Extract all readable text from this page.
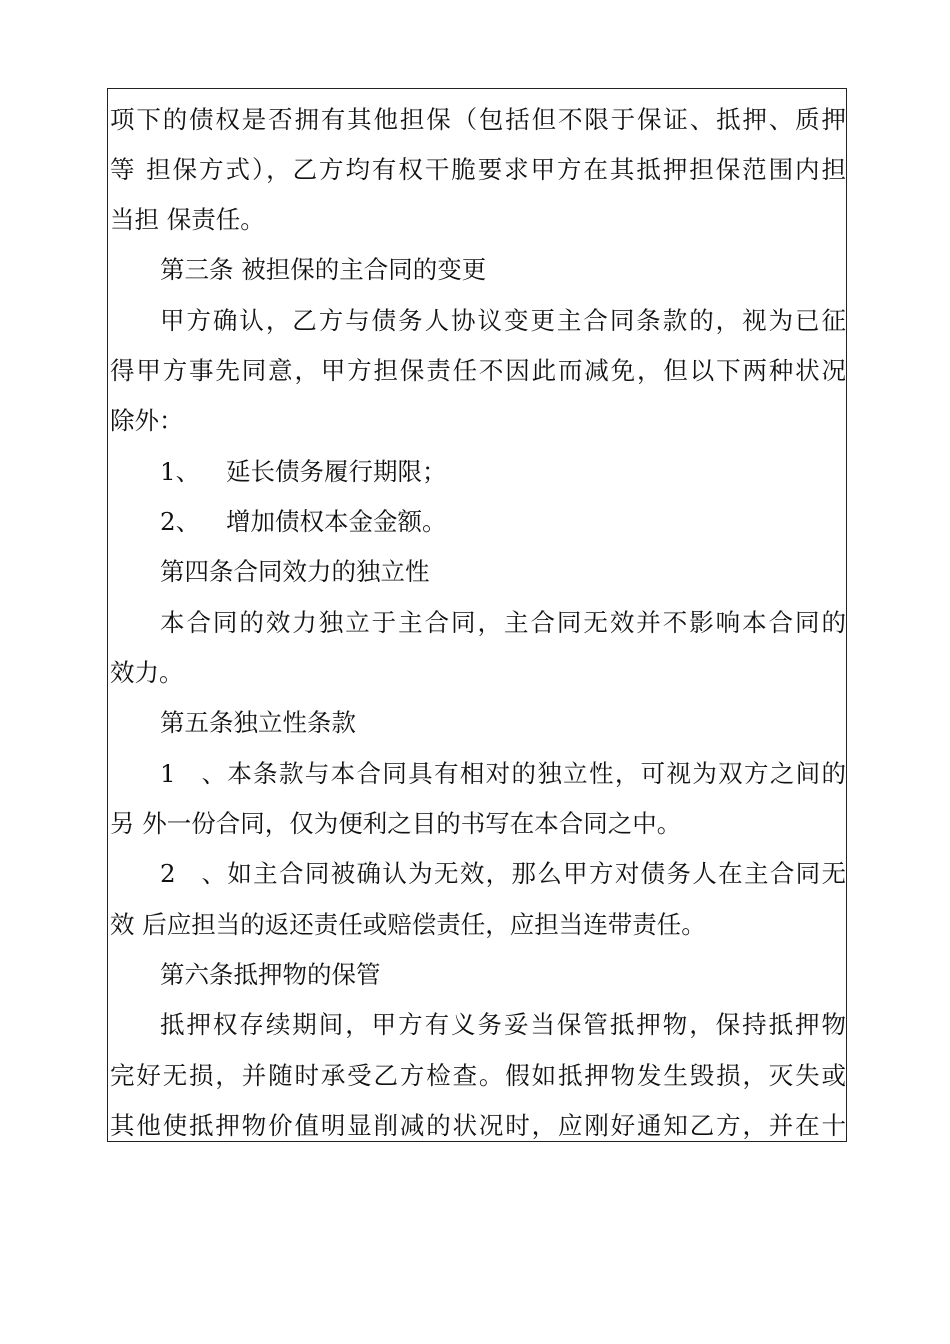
项下的债权是否拥有其他担保（包括但不限于保证、抵押、质押
等 担保方式），乙方均有权干脆要求甲方在其抵押担保范围内担
当担 保责任。
第三条 被担保的主合同的变更
甲方确认，乙方与债务人协议变更主合同条款的，视为已征
得甲方事先同意，甲方担保责任不因此而减免，但以下两种状况
除外：
1、 延长债务履行期限；
2、 增加债权本金金额。
第四条合同效力的独立性
本合同的效力独立于主合同，主合同无效并不影响本合同的
效力。
第五条独立性条款
1、本条款与本合同具有相对的独立性，可视为双方之间的
另 外一份合同，仅为便利之目的书写在本合同之中。
2、如主合同被确认为无效，那么甲方对债务人在主合同无
效 后应担当的返还责任或赔偿责任，应担当连带责任。
第六条抵押物的保管
抵押权存续期间，甲方有义务妥当保管抵押物，保持抵押物
完好无损，并随时承受乙方检查。假如抵押物发生毁损，灭失或
其他使抵押物价值明显削减的状况时，应刚好通知乙方，并在十
